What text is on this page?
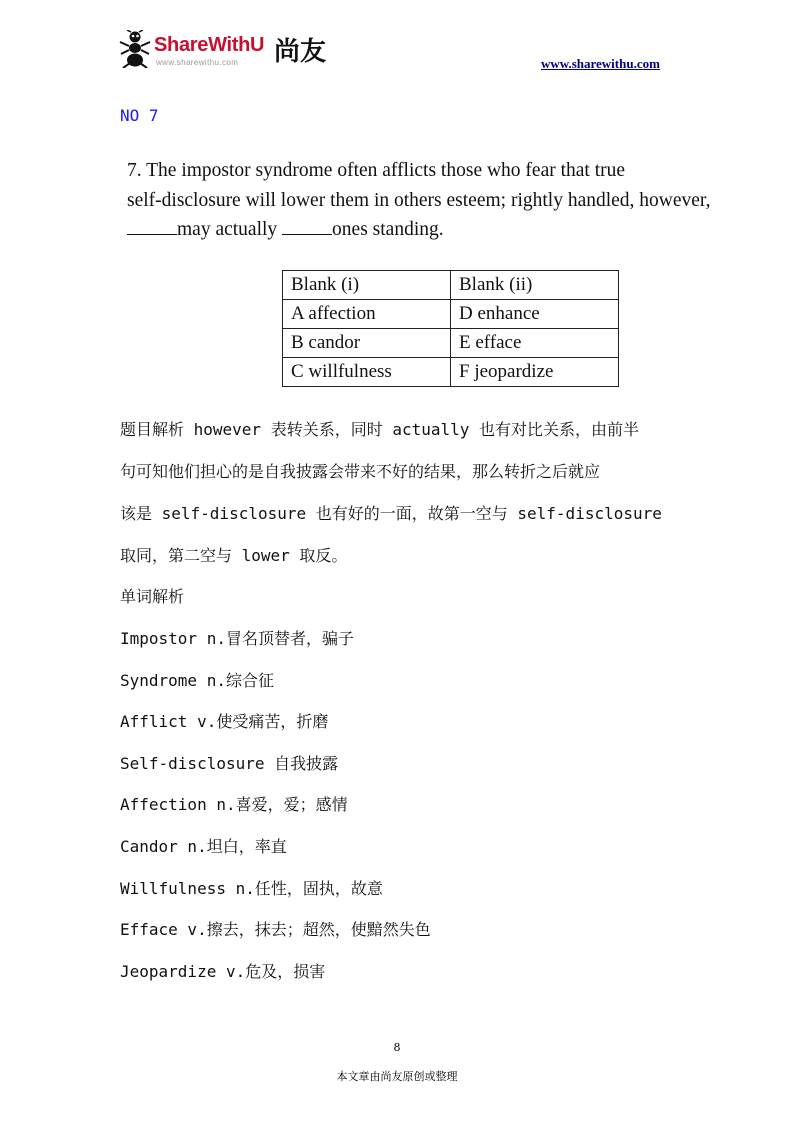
ShareWithU 尚友
www.sharewithu.com	www.sharewithu.com
NO 7
7. The impostor syndrome often afflicts those who fear that true
self-disclosure will lower them in others esteem; rightly handled, however,
may actually	ones standing.
Blank (i)	Blank (ii)
A affection	D enhance
B candor	E efface
C willfulness	F jeopardize
题目解析 however 表转关系，同时 actually 也有对比关系，由前半
句可知他们担心的是自我披露会带来不好的结果，那么转折之后就应
该是 self-disclosure 也有好的一面，故第一空与 self-disclosure
取同，第二空与 lower 取反。
单词解析
Impostor n.冒名顶替者，骗子
Syndrome n.综合征
Afflict v.使受痛苦，折磨
Self-disclosure 自我披露
Affection n.喜爱，爱；感情
Candor n.坦白，率直
Willfulness n.任性，固执，故意
Efface v.擦去，抹去；超然，使黯然失色
Jeopardize v.危及，损害
8
本文章由尚友原创或整理
